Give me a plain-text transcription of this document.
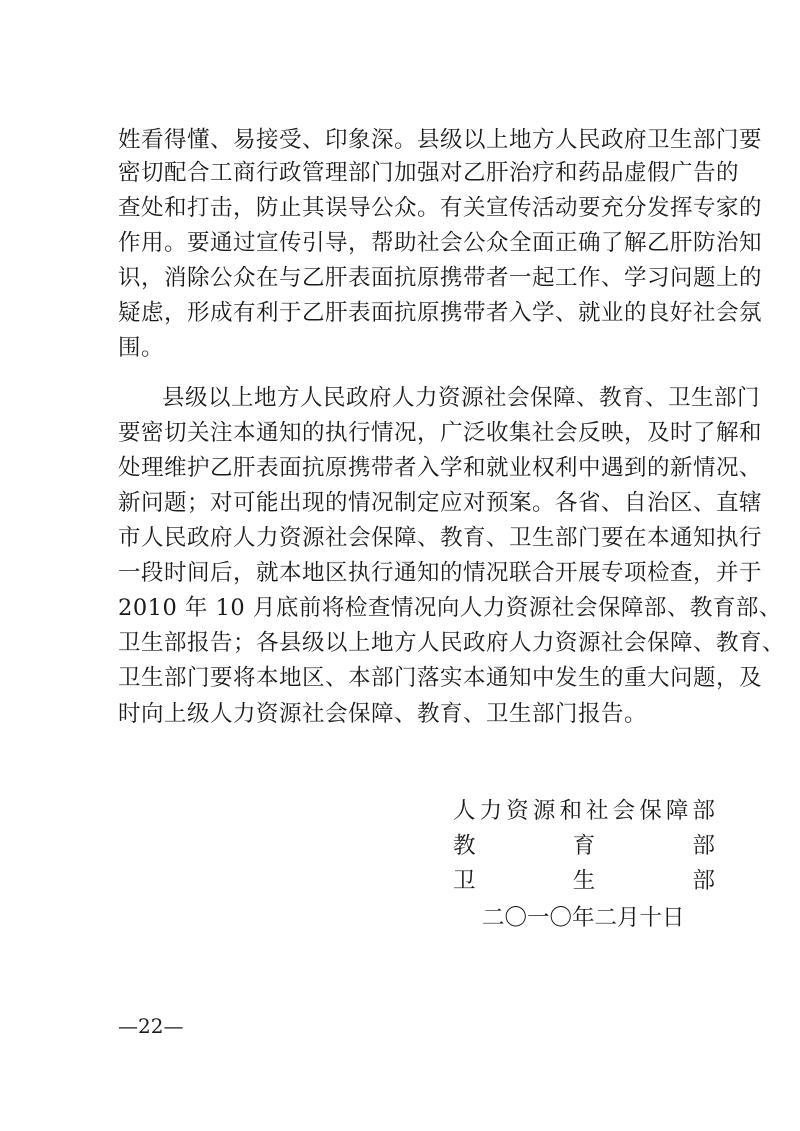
姓看得懂、易接受、印象深。县级以上地方人民政府卫生部门要
密切配合工商行政管理部门加强对乙肝治疗和药品虚假广告的
查处和打击，防止其误导公众。有关宣传活动要充分发挥专家的
作用。要通过宣传引导，帮助社会公众全面正确了解乙肝防治知
识，消除公众在与乙肝表面抗原携带者一起工作、学习问题上的
疑虑，形成有利于乙肝表面抗原携带者入学、就业的良好社会氛
围。
县级以上地方人民政府人力资源社会保障、教育、卫生部门
要密切关注本通知的执行情况，广泛收集社会反映，及时了解和
处理维护乙肝表面抗原携带者入学和就业权利中遇到的新情况、
新问题；对可能出现的情况制定应对预案。各省、自治区、直辖
市人民政府人力资源社会保障、教育、卫生部门要在本通知执行
一段时间后，就本地区执行通知的情况联合开展专项检查，并于
2010 年 10 月底前将检查情况向人力资源社会保障部、教育部、
卫生部报告；各县级以上地方人民政府人力资源社会保障、教育、
卫生部门要将本地区、本部门落实本通知中发生的重大问题，及
时向上级人力资源社会保障、教育、卫生部门报告。
人力资源和社会保障部
教育部
卫生部
二〇一〇年二月十日
—22—
